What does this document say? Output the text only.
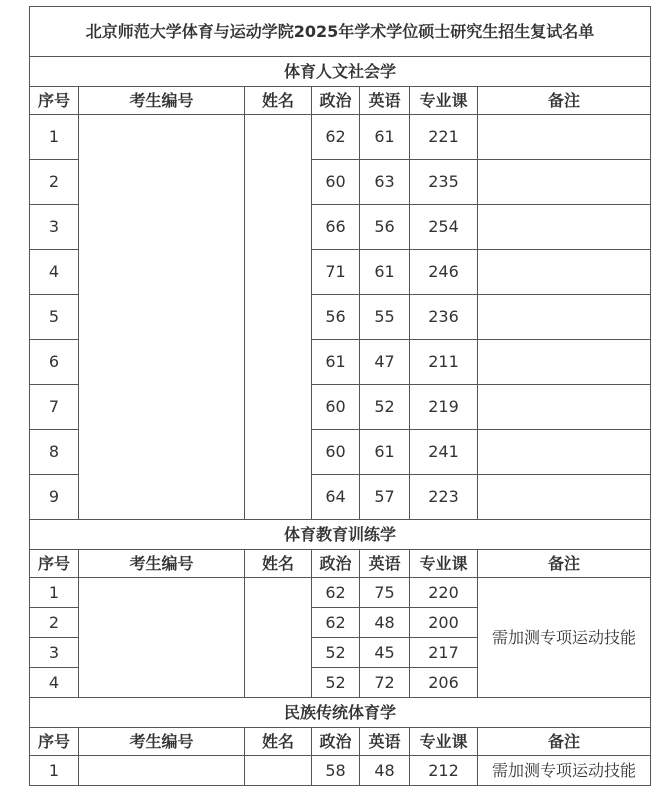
北京师范大学体育与运动学院2025年学术学位硕士研究生招生复试名单						
体育人文社会学						
序号	考生编号	姓名	政治	英语	专业课	备注
1			62	61	221	
2			60	63	235	
3			66	56	254	
4			71	61	246	
5			56	55	236	
6			61	47	211	
7			60	52	219	
8			60	61	241	
9			64	57	223	
体育教育训练学						
序号	考生编号	姓名	政治	英语	专业课	备注
1			62	75	220	需加测专项运动技能
2			62	48	200	
3			52	45	217	
4			52	72	206	
民族传统体育学						
序号	考生编号	姓名	政治	英语	专业课	备注
1			58	48	212	需加测专项运动技能
